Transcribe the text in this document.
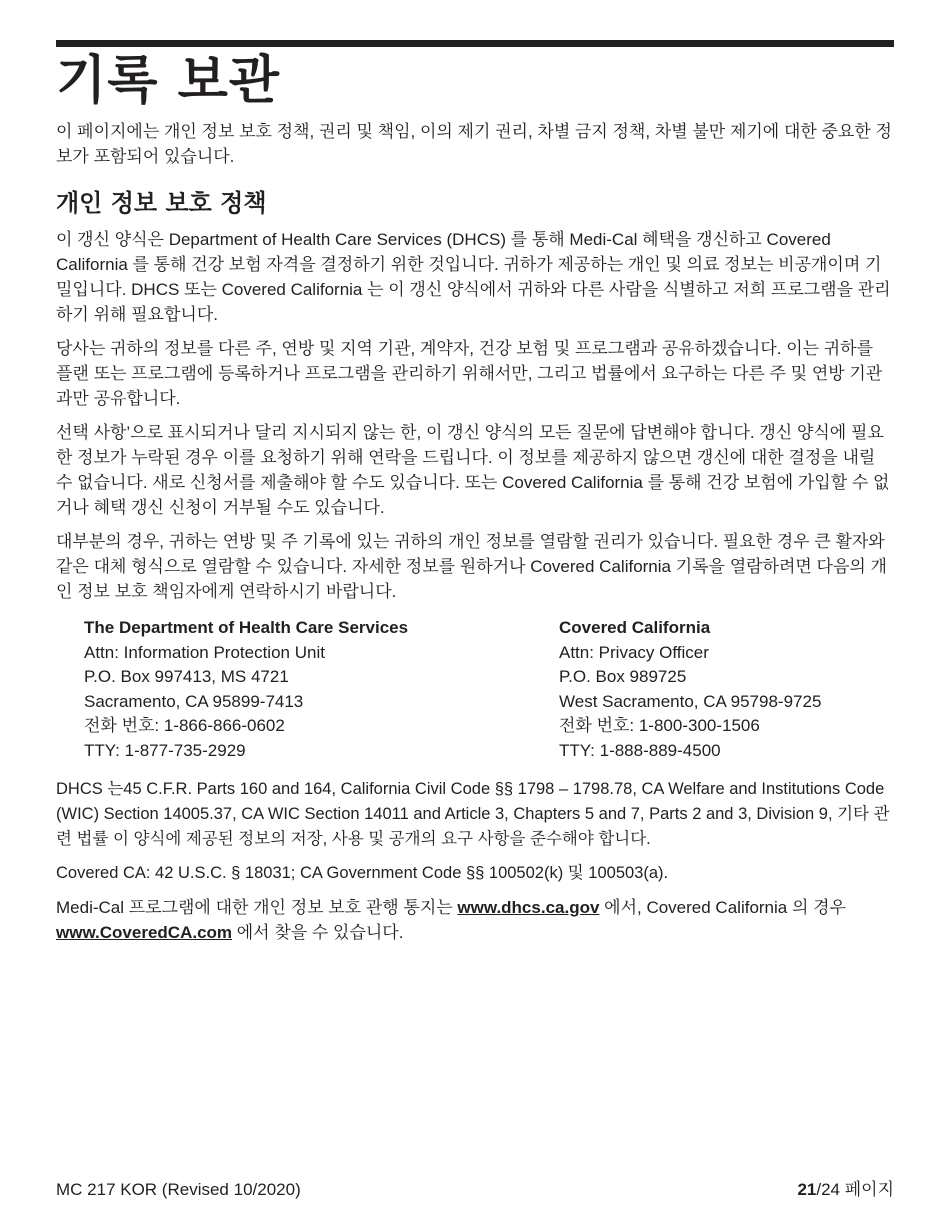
기록 보관

이 페이지에는 개인 정보 보호 정책, 권리 및 책임, 이의 제기 권리, 차별 금지 정책, 차별 불만 제기에 대한 중요한 정보가 포함되어 있습니다.

개인 정보 보호 정책

이 갱신 양식은 Department of Health Care Services (DHCS) 를 통해 Medi-Cal 혜택을 갱신하고 Covered California 를 통해 건강 보험 자격을 결정하기 위한 것입니다. 귀하가 제공하는 개인 및 의료 정보는 비공개이며 기밀입니다. DHCS 또는 Covered California 는 이 갱신 양식에서 귀하와 다른 사람을 식별하고 저희 프로그램을 관리하기 위해 필요합니다.

당사는 귀하의 정보를 다른 주, 연방 및 지역 기관, 계약자, 건강 보험 및 프로그램과 공유하겠습니다. 이는 귀하를 플랜 또는 프로그램에 등록하거나 프로그램을 관리하기 위해서만, 그리고 법률에서 요구하는 다른 주 및 연방 기관과만 공유합니다.

선택 사항’으로 표시되거나 달리 지시되지 않는 한, 이 갱신 양식의 모든 질문에 답변해야 합니다. 갱신 양식에 필요한 정보가 누락된 경우 이를 요청하기 위해 연락을 드립니다. 이 정보를 제공하지 않으면 갱신에 대한 결정을 내릴 수 없습니다. 새로 신청서를 제출해야 할 수도 있습니다. 또는 Covered California 를 통해 건강 보험에 가입할 수 없거나 혜택 갱신 신청이 거부될 수도 있습니다.

대부분의 경우, 귀하는 연방 및 주 기록에 있는 귀하의 개인 정보를 열람할 권리가 있습니다. 필요한 경우 큰 활자와 같은 대체 형식으로 열람할 수 있습니다. 자세한 정보를 원하거나 Covered California 기록을 열람하려면 다음의 개인 정보 보호 책임자에게 연락하시기 바랍니다.

The Department of Health Care Services
Attn: Information Protection Unit
P.O. Box 997413, MS 4721
Sacramento, CA 95899-7413
전화 번호: 1-866-866-0602
TTY: 1-877-735-2929
Covered California
Attn: Privacy Officer
P.O. Box 989725
West Sacramento, CA 95798-9725
전화 번호: 1-800-300-1506
TTY: 1-888-889-4500

DHCS 는45 C.F.R. Parts 160 and 164, California Civil Code §§ 1798 – 1798.78, CA Welfare and Institutions Code (WIC) Section 14005.37, CA WIC Section 14011 and Article 3, Chapters 5 and 7, Parts 2 and 3, Division 9, 기타 관련 법률 이 양식에 제공된 정보의 저장, 사용 및 공개의 요구 사항을 준수해야 합니다.

Covered CA: 42 U.S.C. § 18031; CA Government Code §§ 100502(k) 및 100503(a).

Medi-Cal 프로그램에 대한 개인 정보 보호 관행 통지는 www.dhcs.ca.gov 에서, Covered California 의 경우 www.CoveredCA.com 에서 찾을 수 있습니다.

MC 217 KOR (Revised 10/2020)	21/24 페이지
